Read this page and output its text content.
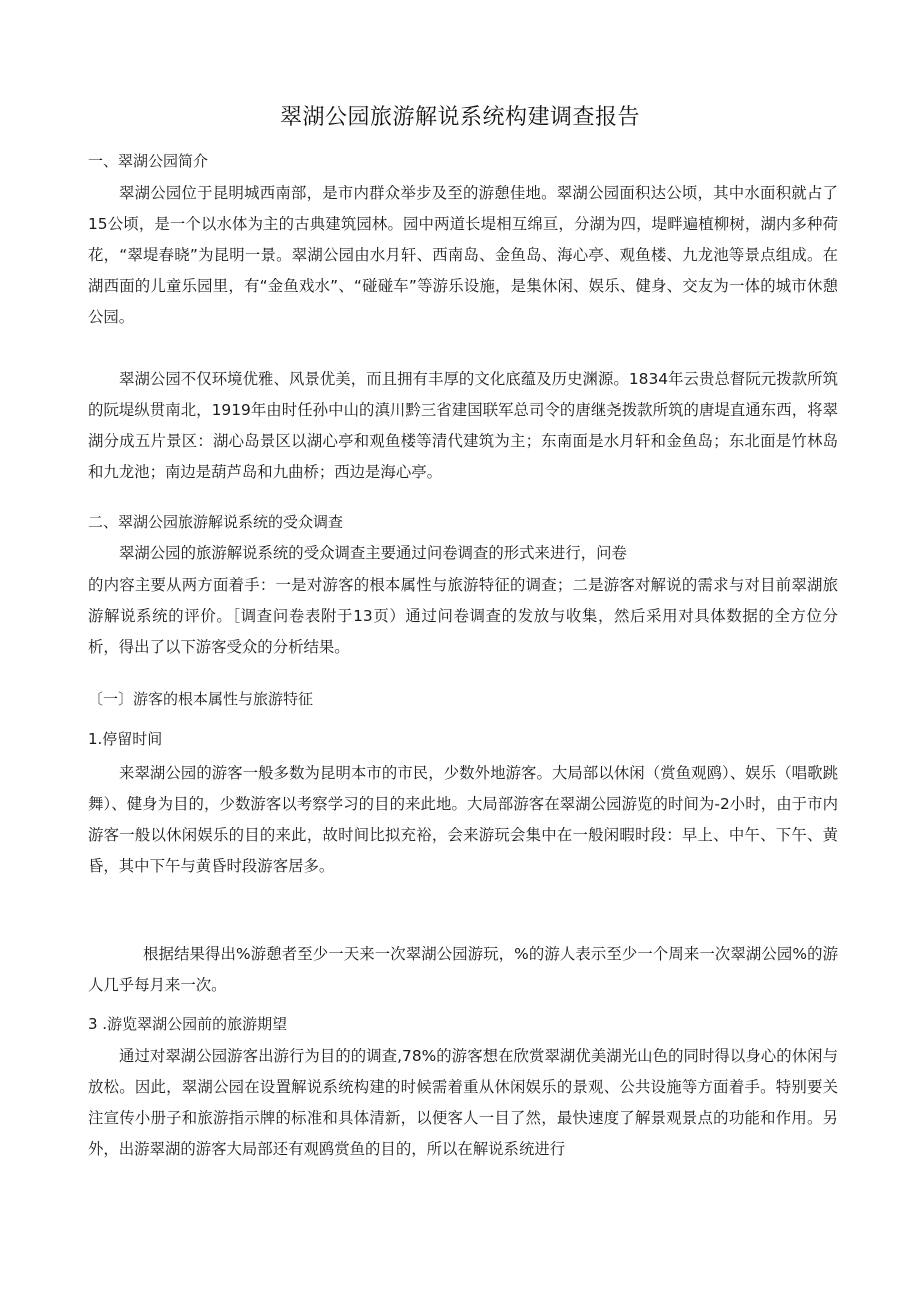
翠湖公园旅游解说系统构建调查报告

一、翠湖公园简介

翠湖公园位于昆明城西南部，是市内群众举步及至的游憩佳地。翠湖公园面积达公顷，其中水面积就占了15公顷，是一个以水体为主的古典建筑园林。园中两道长堤相互绵亘，分湖为四，堤畔遍植柳树，湖内多种荷花，“翠堤春晓”为昆明一景。翠湖公园由水月轩、西南岛、金鱼岛、海心亭、观鱼楼、九龙池等景点组成。在湖西面的儿童乐园里，有“金鱼戏水”、“碰碰车”等游乐设施，是集休闲、娱乐、健身、交友为一体的城市休憩公园。

翠湖公园不仅环境优雅、风景优美，而且拥有丰厚的文化底蕴及历史渊源。1834年云贵总督阮元拨款所筑的阮堤纵贯南北，1919年由时任孙中山的滇川黔三省建国联军总司令的唐继尧拨款所筑的唐堤直通东西，将翠湖分成五片景区：湖心岛景区以湖心亭和观鱼楼等清代建筑为主；东南面是水月轩和金鱼岛；东北面是竹林岛和九龙池；南边是葫芦岛和九曲桥；西边是海心亭。

二、翠湖公园旅游解说系统的受众调查

翠湖公园的旅游解说系统的受众调查主要通过问卷调查的形式来进行，问卷

的内容主要从两方面着手：一是对游客的根本属性与旅游特征的调查；二是游客对解说的需求与对目前翠湖旅游解说系统的评价。［调查问卷表附于13页）通过问卷调查的发放与收集，然后采用对具体数据的全方位分析，得出了以下游客受众的分析结果。

〔一〕游客的根本属性与旅游特征

1.停留时间

来翠湖公园的游客一般多数为昆明本市的市民，少数外地游客。大局部以休闲（赏鱼观鸥）、娱乐（唱歌跳舞）、健身为目的，少数游客以考察学习的目的来此地。大局部游客在翠湖公园游览的时间为-2小时，由于市内游客一般以休闲娱乐的目的来此，故时间比拟充裕，会来游玩会集中在一般闲暇时段：早上、中午、下午、黄昏，其中下午与黄昏时段游客居多。

根据结果得出%游憩者至少一天来一次翠湖公园游玩，%的游人表示至少一个周来一次翠湖公园%的游人几乎每月来一次。

3 .游览翠湖公园前的旅游期望

通过对翠湖公园游客出游行为目的的调查,78%的游客想在欣赏翠湖优美湖光山色的同时得以身心的休闲与放松。因此，翠湖公园在设置解说系统构建的时候需着重从休闲娱乐的景观、公共设施等方面着手。特别要关注宣传小册子和旅游指示牌的标准和具体清新，以便客人一目了然，最快速度了解景观景点的功能和作用。另外，出游翠湖的游客大局部还有观鸥赏鱼的目的，所以在解说系统进行
